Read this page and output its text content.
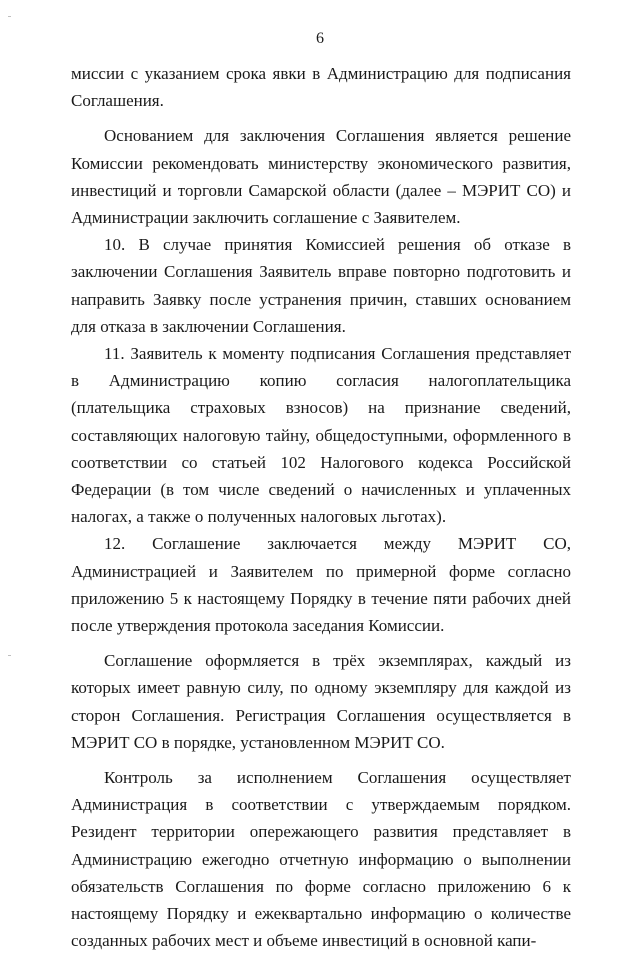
6

миссии с указанием срока явки в Администрацию для подписания Соглашения.

Основанием для заключения Соглашения является решение Комиссии рекомендовать министерству экономического развития, инвестиций и торговли Самарской области (далее – МЭРИТ СО) и Администрации заключить соглашение с Заявителем.

10. В случае принятия Комиссией решения об отказе в заключении Соглашения Заявитель вправе повторно подготовить и направить Заявку после устранения причин, ставших основанием для отказа в заключении Соглашения.

11. Заявитель к моменту подписания Соглашения представляет в Администрацию копию согласия налогоплательщика (плательщика страховых взносов) на признание сведений, составляющих налоговую тайну, общедоступными, оформленного в соответствии со статьей 102 Налогового кодекса Российской Федерации (в том числе сведений о начисленных и уплаченных налогах, а также о полученных налоговых льготах).

12. Соглашение заключается между МЭРИТ СО, Администрацией и Заявителем по примерной форме согласно приложению 5 к настоящему Порядку в течение пяти рабочих дней после утверждения протокола заседания Комиссии.

Соглашение оформляется в трёх экземплярах, каждый из которых имеет равную силу, по одному экземпляру для каждой из сторон Соглашения. Регистрация Соглашения осуществляется в МЭРИТ СО в порядке, установленном МЭРИТ СО.

Контроль за исполнением Соглашения осуществляет Администрация в соответствии с утверждаемым порядком. Резидент территории опережающего развития представляет в Администрацию ежегодно отчетную информацию о выполнении обязательств Соглашения по форме согласно приложению 6 к настоящему Порядку и ежеквартально информацию о количестве созданных рабочих мест и объеме инвестиций в основной капи-
